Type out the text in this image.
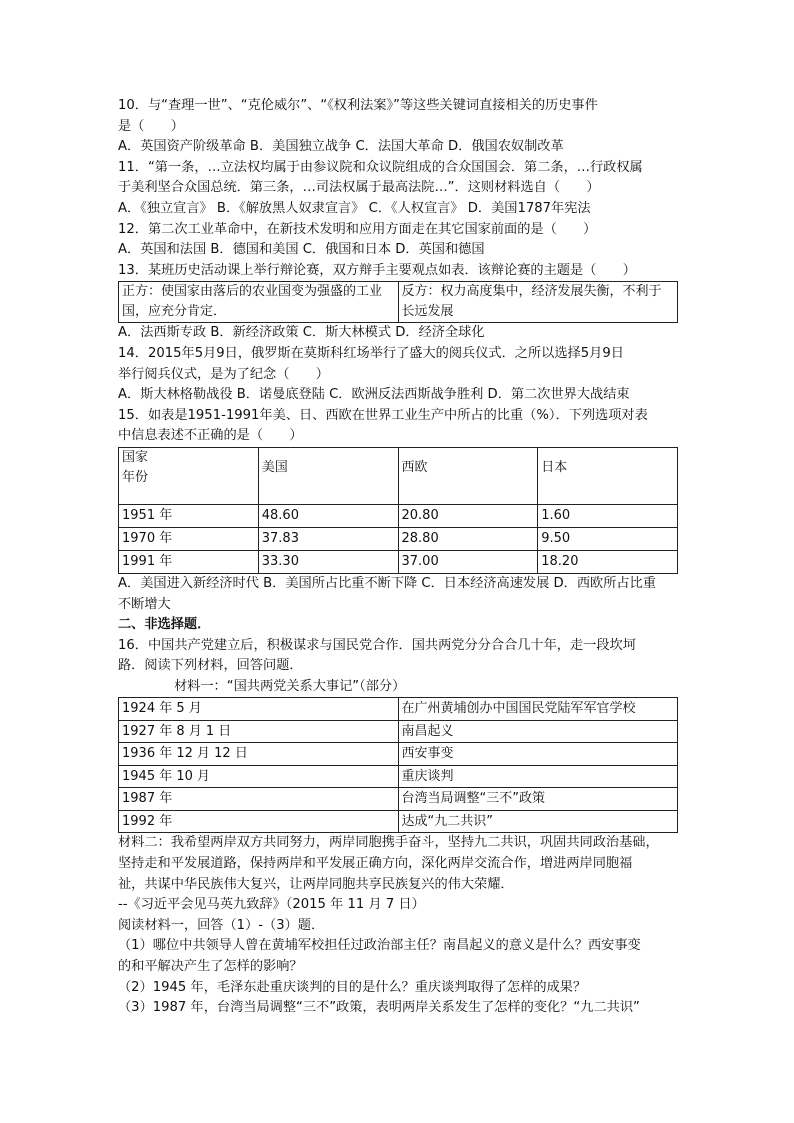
10．与“查理一世”、“克伦威尔”、“《权利法案》”等这些关键词直接相关的历史事件
是（　　）
A．英国资产阶级革命 B．美国独立战争 C．法国大革命 D．俄国农奴制改革
11．“第一条，…立法权均属于由参议院和众议院组成的合众国国会．第二条，…行政权属
于美利坚合众国总统．第三条，…司法权属于最高法院…”．这则材料选自（　　）
A．《独立宣言》 B．《解放黑人奴隶宣言》 C．《人权宣言》 D．美国1787年宪法
12．第二次工业革命中，在新技术发明和应用方面走在其它国家前面的是（　　）
A．英国和法国 B．德国和美国 C．俄国和日本 D．英国和德国
13．某班历史活动课上举行辩论赛，双方辩手主要观点如表．该辩论赛的主题是（　　）
正方：使国家由落后的农业国变为强盛的工业
国，应充分肯定．

反方：权力高度集中，经济发展失衡，不利于
长远发展
A．法西斯专政 B．新经济政策 C．斯大林模式 D．经济全球化
14．2015年5月9日，俄罗斯在莫斯科红场举行了盛大的阅兵仪式．之所以选择5月9日
举行阅兵仪式，是为了纪念（　　）
A．斯大林格勒战役 B．诺曼底登陆 C．欧洲反法西斯战争胜利 D．第二次世界大战结束
15．如表是1951-1991年美、日、西欧在世界工业生产中所占的比重（%）．下列选项对表
中信息表述不正确的是（　　）
国家
年份	美国	西欧	日本
1951 年	48.60	20.80	1.60
1970 年	37.83	28.80	9.50
1991 年	33.30	37.00	18.20
A．美国进入新经济时代 B．美国所占比重不断下降 C．日本经济高速发展 D．西欧所占比重
不断增大
二、非选择题．
16．中国共产党建立后，积极谋求与国民党合作．国共两党分分合合几十年，走一段坎坷
路．阅读下列材料，回答问题．
材料一：“国共两党关系大事记”（部分）
1924 年 5 月	在广州黄埔创办中国国民党陆军军官学校
1927 年 8 月 1 日	南昌起义
1936 年 12 月 12 日	西安事变
1945 年 10 月	重庆谈判
1987 年	台湾当局调整“三不”政策
1992 年	达成“九二共识”
材料二：我希望两岸双方共同努力，两岸同胞携手奋斗，坚持九二共识，巩固共同政治基础，
坚持走和平发展道路，保持两岸和平发展正确方向，深化两岸交流合作，增进两岸同胞福
祉，共谋中华民族伟大复兴，让两岸同胞共享民族复兴的伟大荣耀．
--《习近平会见马英九致辞》（2015 年 11 月 7 日）
阅读材料一，回答（1）-（3）题．
（1）哪位中共领导人曾在黄埔军校担任过政治部主任？南昌起义的意义是什么？西安事变
的和平解决产生了怎样的影响？
（2）1945 年，毛泽东赴重庆谈判的目的是什么？重庆谈判取得了怎样的成果？
（3）1987 年，台湾当局调整“三不”政策，表明两岸关系发生了怎样的变化？“九二共识”
